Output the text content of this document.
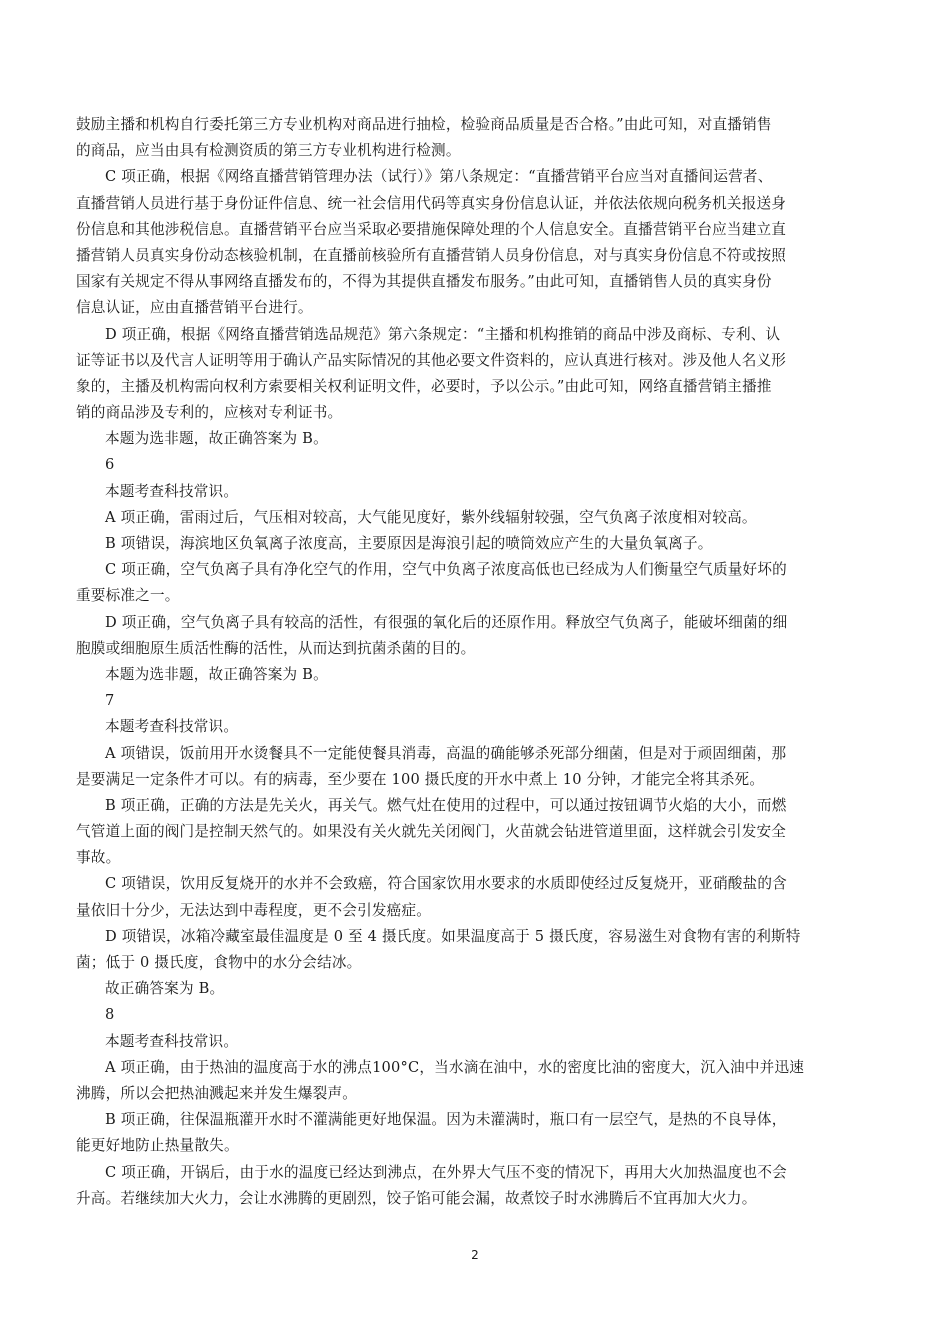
鼓励主播和机构自行委托第三方专业机构对商品进行抽检，检验商品质量是否合格。”由此可知，对直播销售
的商品，应当由具有检测资质的第三方专业机构进行检测。
C 项正确，根据《网络直播营销管理办法（试行）》第八条规定：“直播营销平台应当对直播间运营者、
直播营销人员进行基于身份证件信息、统一社会信用代码等真实身份信息认证，并依法依规向税务机关报送身
份信息和其他涉税信息。直播营销平台应当采取必要措施保障处理的个人信息安全。直播营销平台应当建立直
播营销人员真实身份动态核验机制，在直播前核验所有直播营销人员身份信息，对与真实身份信息不符或按照
国家有关规定不得从事网络直播发布的，不得为其提供直播发布服务。”由此可知，直播销售人员的真实身份
信息认证，应由直播营销平台进行。
D 项正确，根据《网络直播营销选品规范》第六条规定：“主播和机构推销的商品中涉及商标、专利、认
证等证书以及代言人证明等用于确认产品实际情况的其他必要文件资料的，应认真进行核对。涉及他人名义形
象的，主播及机构需向权利方索要相关权利证明文件，必要时，予以公示。”由此可知，网络直播营销主播推
销的商品涉及专利的，应核对专利证书。
本题为选非题，故正确答案为 B。
6
本题考查科技常识。
A 项正确，雷雨过后，气压相对较高，大气能见度好，紫外线辐射较强，空气负离子浓度相对较高。
B 项错误，海滨地区负氧离子浓度高，主要原因是海浪引起的喷筒效应产生的大量负氧离子。
C 项正确，空气负离子具有净化空气的作用，空气中负离子浓度高低也已经成为人们衡量空气质量好坏的
重要标准之一。
D 项正确，空气负离子具有较高的活性，有很强的氧化后的还原作用。释放空气负离子，能破坏细菌的细
胞膜或细胞原生质活性酶的活性，从而达到抗菌杀菌的目的。
本题为选非题，故正确答案为 B。
7
本题考查科技常识。
A 项错误，饭前用开水烫餐具不一定能使餐具消毒，高温的确能够杀死部分细菌，但是对于顽固细菌，那
是要满足一定条件才可以。有的病毒，至少要在 100 摄氏度的开水中煮上 10 分钟，才能完全将其杀死。
B 项正确，正确的方法是先关火，再关气。燃气灶在使用的过程中，可以通过按钮调节火焰的大小，而燃
气管道上面的阀门是控制天然气的。如果没有关火就先关闭阀门，火苗就会钻进管道里面，这样就会引发安全
事故。
C 项错误，饮用反复烧开的水并不会致癌，符合国家饮用水要求的水质即使经过反复烧开，亚硝酸盐的含
量依旧十分少，无法达到中毒程度，更不会引发癌症。
D 项错误，冰箱冷藏室最佳温度是 0 至 4 摄氏度。如果温度高于 5 摄氏度，容易滋生对食物有害的利斯特
菌；低于 0 摄氏度，食物中的水分会结冰。
故正确答案为 B。
8
本题考查科技常识。
A 项正确，由于热油的温度高于水的沸点100°C，当水滴在油中，水的密度比油的密度大，沉入油中并迅速
沸腾，所以会把热油溅起来并发生爆裂声。
B 项正确，往保温瓶灌开水时不灌满能更好地保温。因为未灌满时，瓶口有一层空气，是热的不良导体，
能更好地防止热量散失。
C 项正确，开锅后，由于水的温度已经达到沸点，在外界大气压不变的情况下，再用大火加热温度也不会
升高。若继续加大火力，会让水沸腾的更剧烈，饺子馅可能会漏，故煮饺子时水沸腾后不宜再加大火力。
2
